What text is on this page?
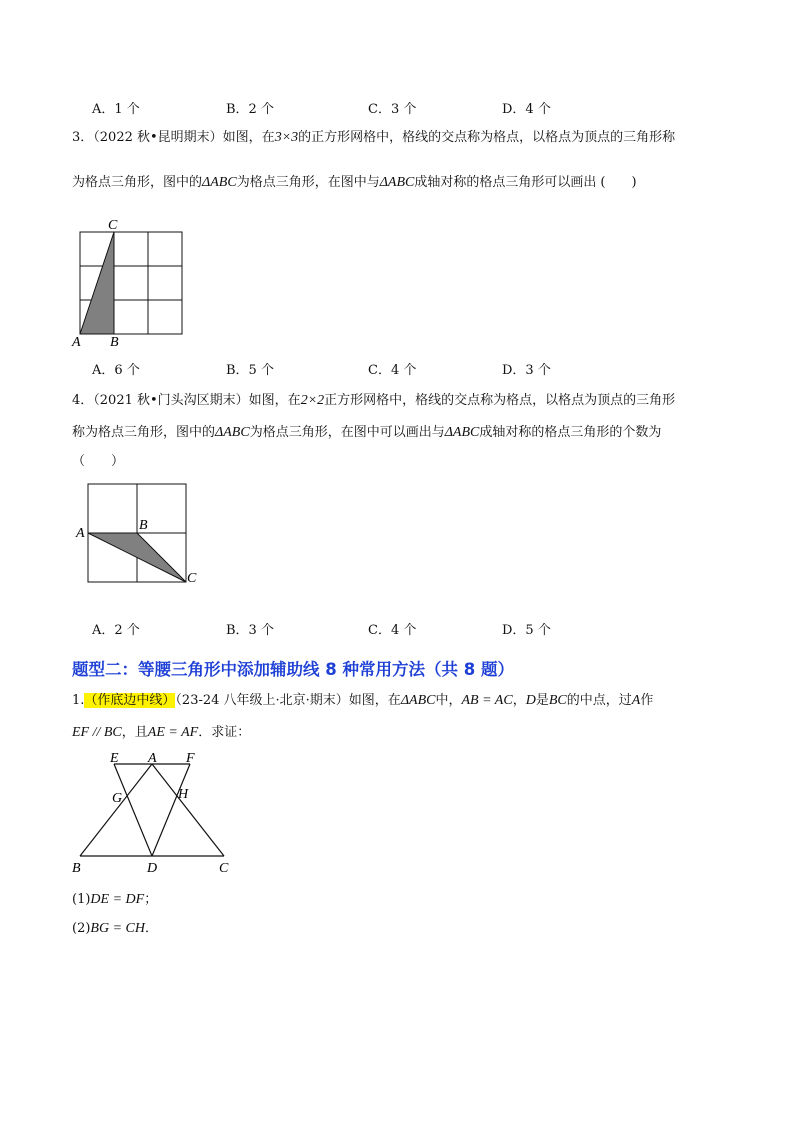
A．1 个	B．2 个	C．3 个	D．4 个
3．（2022 秋•昆明期末）如图，在3×3的正方形网格中，格线的交点称为格点，以格点为顶点的三角形称
为格点三角形，图中的ΔABC为格点三角形，在图中与ΔABC成轴对称的格点三角形可以画出 (　　)
C
A B
A．6 个	B．5 个	C．4 个	D．3 个
4．（2021 秋•门头沟区期末）如图，在2×2正方形网格中，格线的交点称为格点，以格点为顶点的三角形
称为格点三角形，图中的ΔABC为格点三角形，在图中可以画出与ΔABC成轴对称的格点三角形的个数为
（　　）
A
B
C
A．2 个	B．3 个	C．4 个	D．5 个
题型二：等腰三角形中添加辅助线 8 种常用方法（共 8 题）
1.（作底边中线）（23-24 八年级上·北京·期末）如图，在ΔABC中，AB = AC，D是BC的中点，过A作
EF // BC，且AE = AF．求证：
E A F
G	H
B	D	C
(1)DE = DF；
(2)BG = CH．
